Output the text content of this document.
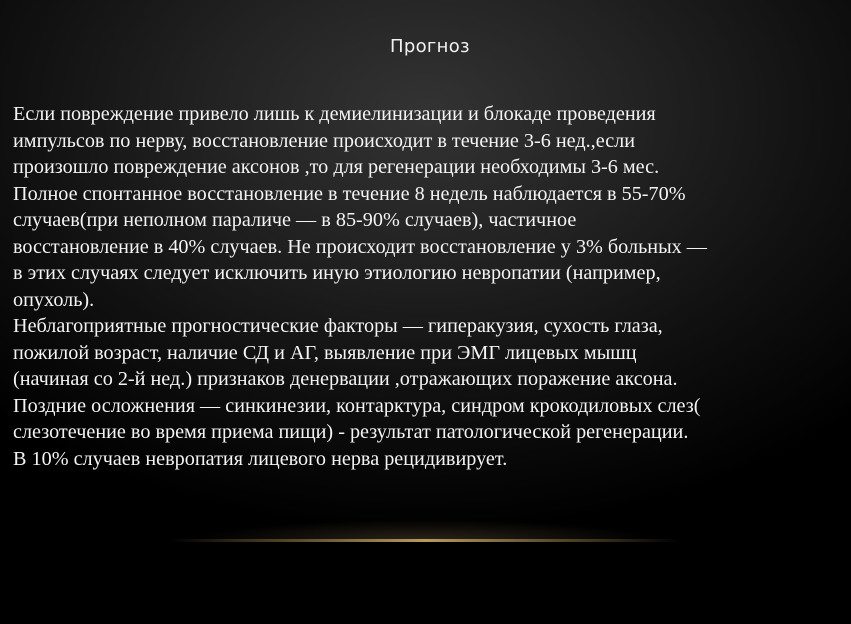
Прогноз
Если повреждение привело лишь к демиелинизации и блокаде проведения
импульсов по нерву, восстановление происходит в течение 3-6 нед.,если
произошло повреждение аксонов ,то для регенерации необходимы 3-6 мес.
Полное спонтанное восстановление в течение 8 недель наблюдается в 55-70%
случаев(при неполном параличе — в 85-90% случаев), частичное
восстановление в 40% случаев. Не происходит восстановление у 3% больных —
в этих случаях следует исключить иную этиологию невропатии (например,
опухоль).
Неблагоприятные прогностические факторы — гиперакузия, сухость глаза,
пожилой возраст, наличие СД и АГ, выявление при ЭМГ лицевых мышц
(начиная со 2-й нед.) признаков денервации ,отражающих поражение аксона.
Поздние осложнения — синкинезии, контарктура, синдром крокодиловых слез(
слезотечение во время приема пищи) - результат патологической регенерации.
В 10% случаев невропатия лицевого нерва рецидивирует.
